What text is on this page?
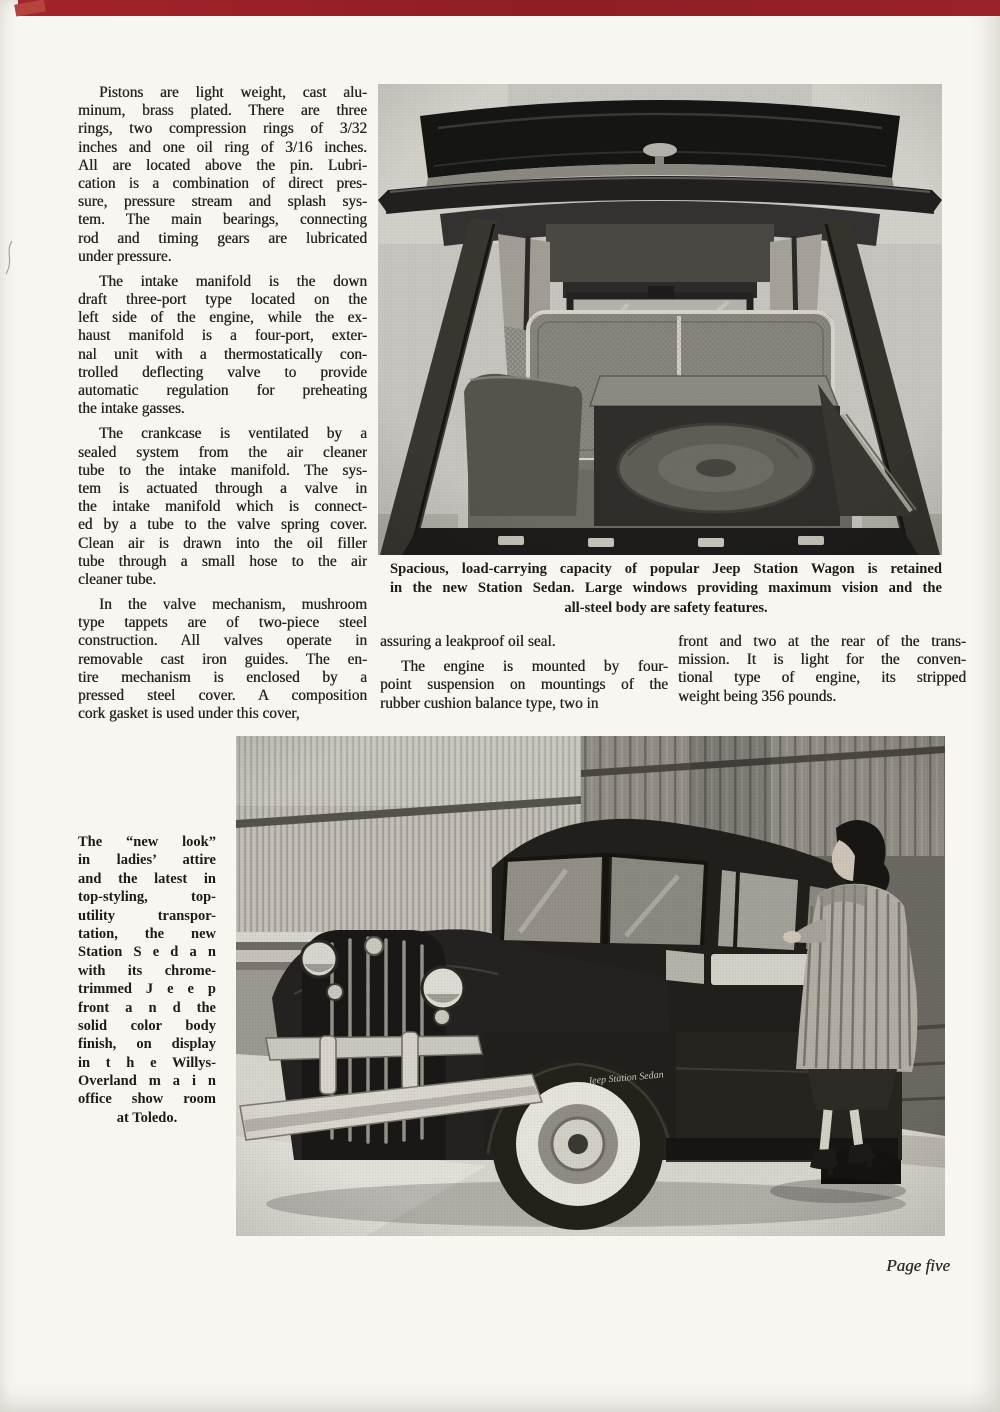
Pistons are light weight, cast alu-
minum, brass plated. There are three
rings, two compression rings of 3/32
inches and one oil ring of 3/16 inches.
All are located above the pin. Lubri-
cation is a combination of direct pres-
sure, pressure stream and splash sys-
tem. The main bearings, connecting
rod and timing gears are lubricated
under pressure.
The intake manifold is the down
draft three-port type located on the
left side of the engine, while the ex-
haust manifold is a four-port, exter-
nal unit with a thermostatically con-
trolled deflecting valve to provide
automatic regulation for preheating
the intake gasses.
The crankcase is ventilated by a
sealed system from the air cleaner
tube to the intake manifold. The sys-
tem is actuated through a valve in
the intake manifold which is connect-
ed by a tube to the valve spring cover.
Clean air is drawn into the oil filler
tube through a small hose to the air
cleaner tube.
In the valve mechanism, mushroom
type tappets are of two-piece steel
construction. All valves operate in
removable cast iron guides. The en-
tire mechanism is enclosed by a
pressed steel cover. A composition
cork gasket is used under this cover,
Spacious, load-carrying capacity of popular Jeep Station Wagon is retained
in the new Station Sedan. Large windows providing maximum vision and the
all-steel body are safety features.
assuring a leakproof oil seal.
The engine is mounted by four-
point suspension on mountings of the
rubber cushion balance type, two in
front and two at the rear of the trans-
mission. It is light for the conven-
tional type of engine, its stripped
weight being 356 pounds.
The “new look”
in ladies’ attire
and the latest in
top-styling, top-
utility transpor-
tation, the new
Station S e d a n
with its chrome-
trimmed J e e p
front a n d the
solid color body
finish, on display
in t h e Willys-
Overland m a i n
office show room
at Toledo.
Page five
